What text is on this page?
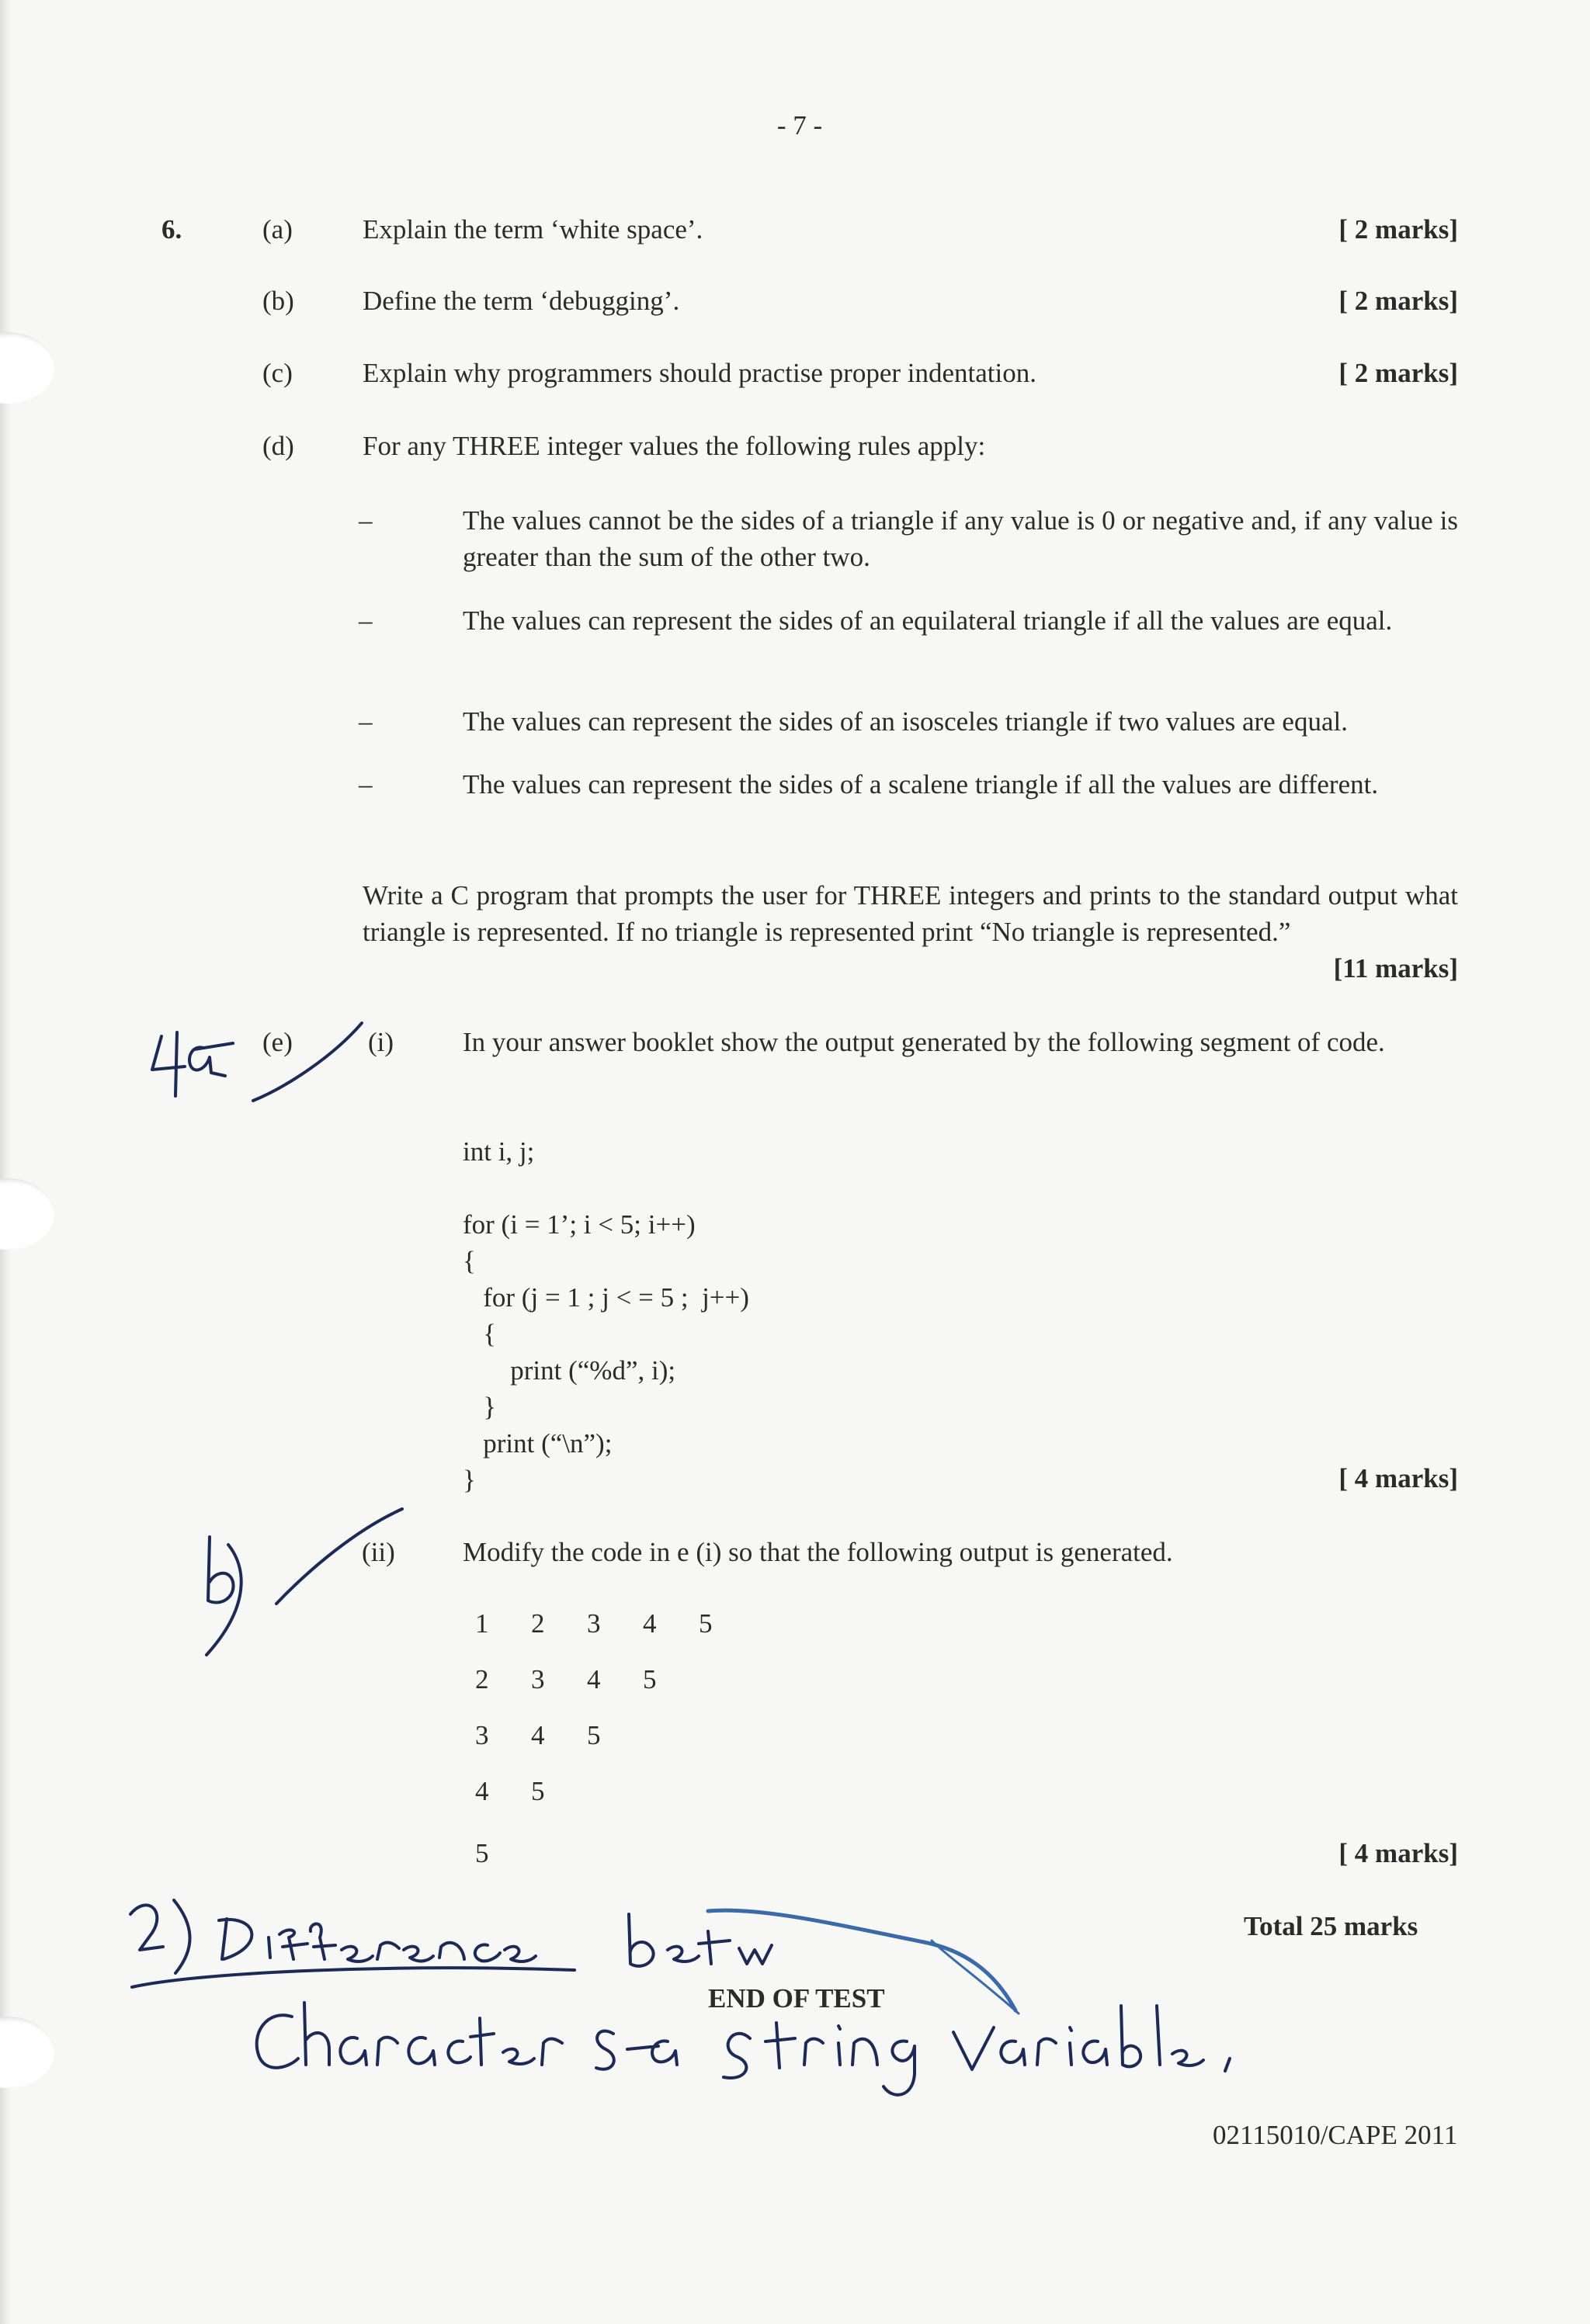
- 7 -
6.	(a)	Explain the term ‘white space’.	[ 2 marks]
(b)	Define the term ‘debugging’.	[ 2 marks]
(c)	Explain why programmers should practise proper indentation.	[ 2 marks]
(d)	For any THREE integer values the following rules apply:
–	The values cannot be the sides of a triangle if any value is 0 or negative and, if any value is greater than the sum of the other two.
–	The values can represent the sides of an equilateral triangle if all the values are equal.
–	The values can represent the sides of an isosceles triangle if two values are equal.
–	The values can represent the sides of a scalene triangle if all the values are different.
Write a C program that prompts the user for THREE integers and prints to the standard output what triangle is represented. If no triangle is represented print “No triangle is represented.”
[11 marks]
(e)	(i)	In your answer booklet show the output generated by the following segment of code.
int i, j;
for (i = 1’; i < 5; i++)
{
for (j = 1 ; j < = 5 ;  j++)
{
print (“%d”, i);
}
print (“\n”);
}	[ 4 marks]
(ii) Modify the code in e (i) so that the following output is generated.
1	2	3	4	5
2	3	4	5
3	4	5
4	5
5	[ 4 marks]
Total 25 marks
END OF TEST
02115010/CAPE 2011
